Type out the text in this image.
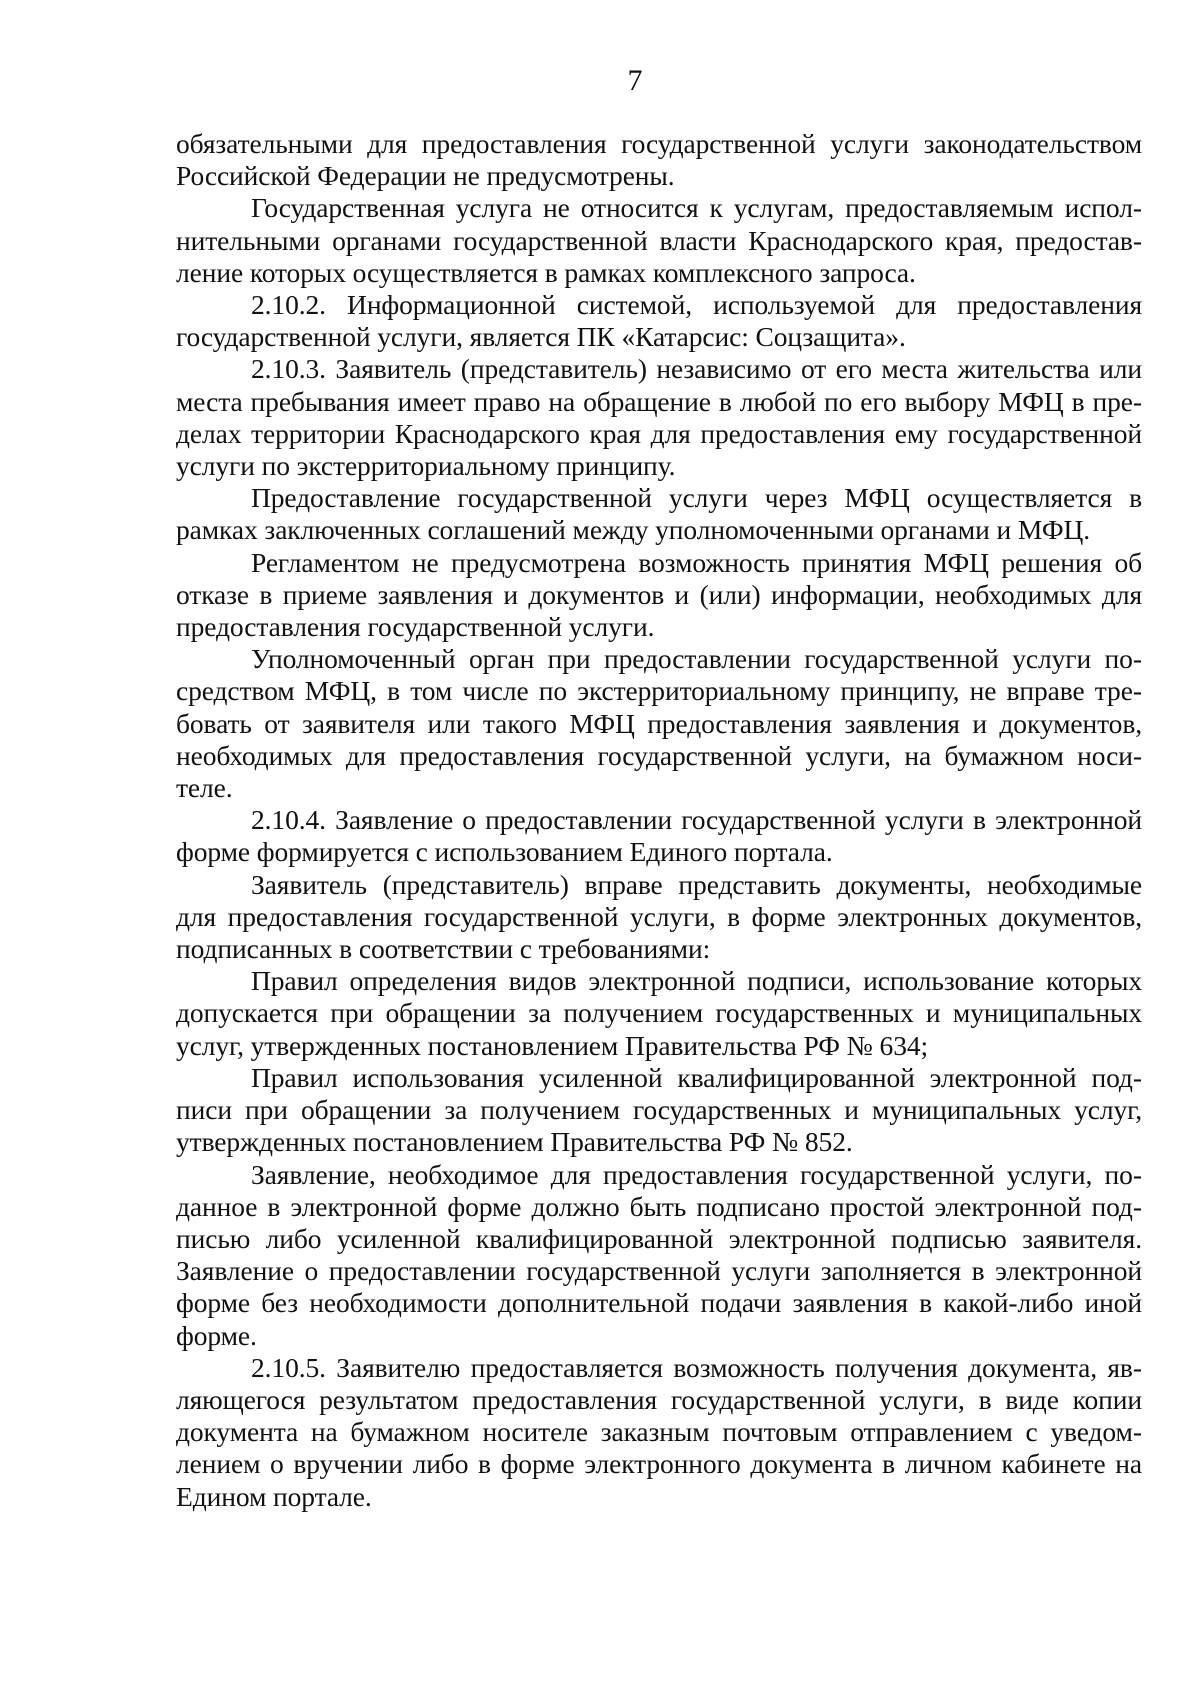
7

обязательными для предоставления государственной услуги законодательством Российской Федерации не предусмотрены.

Государственная услуга не относится к услугам, предоставляемым исполнительными органами государственной власти Краснодарского края, предоставление которых осуществляется в рамках комплексного запроса.

2.10.2. Информационной системой, используемой для предоставления государственной услуги, является ПК «Катарсис: Соцзащита».

2.10.3. Заявитель (представитель) независимо от его места жительства или места пребывания имеет право на обращение в любой по его выбору МФЦ в пределах территории Краснодарского края для предоставления ему государственной услуги по экстерриториальному принципу.

Предоставление государственной услуги через МФЦ осуществляется в рамках заключенных соглашений между уполномоченными органами и МФЦ.

Регламентом не предусмотрена возможность принятия МФЦ решения об отказе в приеме заявления и документов и (или) информации, необходимых для предоставления государственной услуги.

Уполномоченный орган при предоставлении государственной услуги посредством МФЦ, в том числе по экстерриториальному принципу, не вправе требовать от заявителя или такого МФЦ предоставления заявления и документов, необходимых для предоставления государственной услуги, на бумажном носителе.

2.10.4. Заявление о предоставлении государственной услуги в электронной форме формируется с использованием Единого портала.

Заявитель (представитель) вправе представить документы, необходимые для предоставления государственной услуги, в форме электронных документов, подписанных в соответствии с требованиями:

Правил определения видов электронной подписи, использование которых допускается при обращении за получением государственных и муниципальных услуг, утвержденных постановлением Правительства РФ № 634;

Правил использования усиленной квалифицированной электронной подписи при обращении за получением государственных и муниципальных услуг, утвержденных постановлением Правительства РФ № 852.

Заявление, необходимое для предоставления государственной услуги, поданное в электронной форме должно быть подписано простой электронной подписью либо усиленной квалифицированной электронной подписью заявителя. Заявление о предоставлении государственной услуги заполняется в электронной форме без необходимости дополнительной подачи заявления в какой-либо иной форме.

2.10.5. Заявителю предоставляется возможность получения документа, являющегося результатом предоставления государственной услуги, в виде копии документа на бумажном носителе заказным почтовым отправлением с уведомлением о вручении либо в форме электронного документа в личном кабинете на Едином портале.
